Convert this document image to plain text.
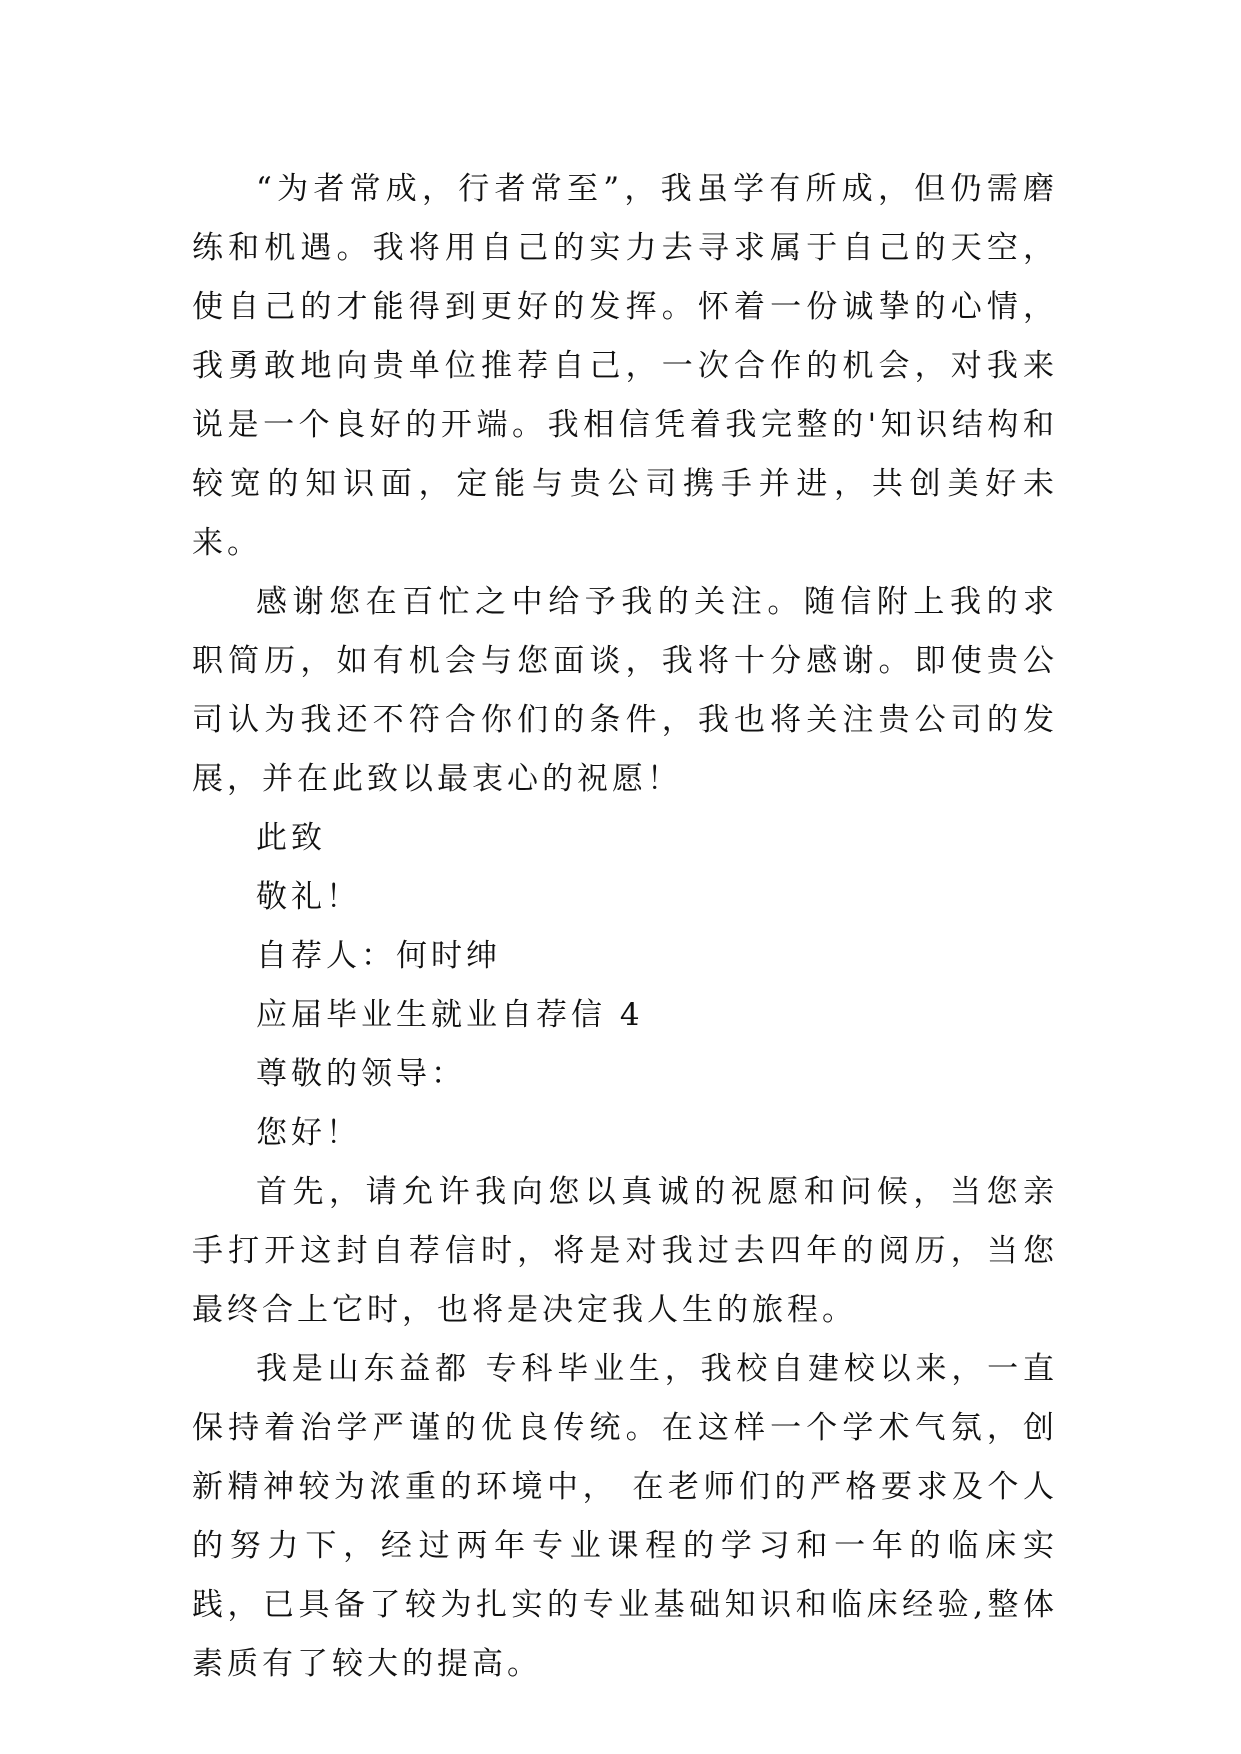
“为者常成，行者常至”，我虽学有所成，但仍需磨练和机遇。我将用自己的实力去寻求属于自己的天空，使自己的才能得到更好的发挥。怀着一份诚挚的心情，我勇敢地向贵单位推荐自己，一次合作的机会，对我来说是一个良好的开端。我相信凭着我完整的'知识结构和较宽的知识面，定能与贵公司携手并进，共创美好未来。

感谢您在百忙之中给予我的关注。随信附上我的求职简历，如有机会与您面谈，我将十分感谢。即使贵公司认为我还不符合你们的条件，我也将关注贵公司的发展，并在此致以最衷心的祝愿！

此致

敬礼！

自荐人：何时绅

应届毕业生就业自荐信 4

尊敬的领导：

您好！

首先，请允许我向您以真诚的祝愿和问候，当您亲手打开这封自荐信时，将是对我过去四年的阅历，当您最终合上它时，也将是决定我人生的旅程。

我是山东益都 专科毕业生，我校自建校以来，一直保持着治学严谨的优良传统。在这样一个学术气氛，创新精神较为浓重的环境中， 在老师们的严格要求及个人的努力下，经过两年专业课程的学习和一年的临床实践，已具备了较为扎实的专业基础知识和临床经验,整体素质有了较大的提高。
